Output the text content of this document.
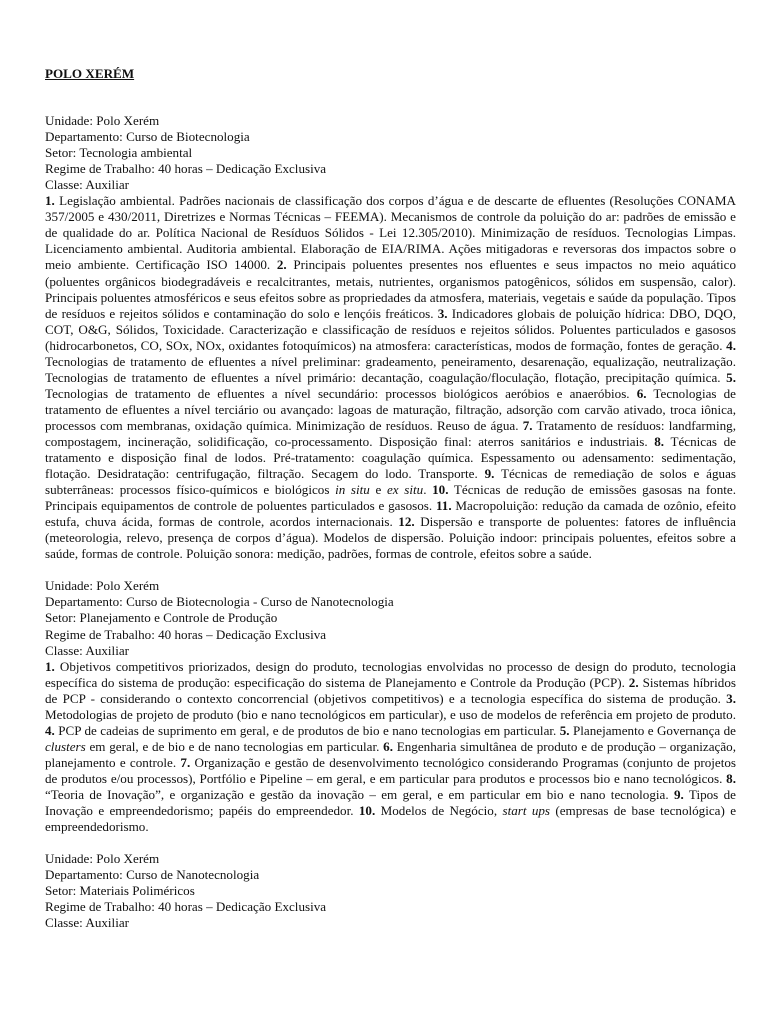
POLO XERÉM
Unidade: Polo Xerém
Departamento: Curso de Biotecnologia
Setor: Tecnologia ambiental
Regime de Trabalho: 40 horas – Dedicação Exclusiva
Classe: Auxiliar

1. Legislação ambiental. Padrões nacionais de classificação dos corpos d’água e de descarte de efluentes (Resoluções CONAMA 357/2005 e 430/2011, Diretrizes e Normas Técnicas – FEEMA). Mecanismos de controle da poluição do ar: padrões de emissão e de qualidade do ar. Política Nacional de Resíduos Sólidos - Lei 12.305/2010). Minimização de resíduos. Tecnologias Limpas. Licenciamento ambiental. Auditoria ambiental. Elaboração de EIA/RIMA. Ações mitigadoras e reversoras dos impactos sobre o meio ambiente. Certificação ISO 14000. 2. Principais poluentes presentes nos efluentes e seus impactos no meio aquático (poluentes orgânicos biodegradáveis e recalcitrantes, metais, nutrientes, organismos patogênicos, sólidos em suspensão, calor). Principais poluentes atmosféricos e seus efeitos sobre as propriedades da atmosfera, materiais, vegetais e saúde da população. Tipos de resíduos e rejeitos sólidos e contaminação do solo e lençóis freáticos. 3. Indicadores globais de poluição hídrica: DBO, DQO, COT, O&G, Sólidos, Toxicidade. Caracterização e classificação de resíduos e rejeitos sólidos. Poluentes particulados e gasosos (hidrocarbonetos, CO, SOx, NOx, oxidantes fotoquímicos) na atmosfera: características, modos de formação, fontes de geração. 4. Tecnologias de tratamento de efluentes a nível preliminar: gradeamento, peneiramento, desarenação, equalização, neutralização. Tecnologias de tratamento de efluentes a nível primário: decantação, coagulação/floculação, flotação, precipitação química. 5. Tecnologias de tratamento de efluentes a nível secundário: processos biológicos aeróbios e anaeróbios. 6. Tecnologias de tratamento de efluentes a nível terciário ou avançado: lagoas de maturação, filtração, adsorção com carvão ativado, troca iônica, processos com membranas, oxidação química. Minimização de resíduos. Reuso de água. 7. Tratamento de resíduos: landfarming, compostagem, incineração, solidificação, co-processamento. Disposição final: aterros sanitários e industriais. 8. Técnicas de tratamento e disposição final de lodos. Pré-tratamento: coagulação química. Espessamento ou adensamento: sedimentação, flotação. Desidratação: centrifugação, filtração. Secagem do lodo. Transporte. 9. Técnicas de remediação de solos e águas subterrâneas: processos físico-químicos e biológicos in situ e ex situ. 10. Técnicas de redução de emissões gasosas na fonte. Principais equipamentos de controle de poluentes particulados e gasosos. 11. Macropoluição: redução da camada de ozônio, efeito estufa, chuva ácida, formas de controle, acordos internacionais. 12. Dispersão e transporte de poluentes: fatores de influência (meteorologia, relevo, presença de corpos d’água). Modelos de dispersão. Poluição indoor: principais poluentes, efeitos sobre a saúde, formas de controle. Poluição sonora: medição, padrões, formas de controle, efeitos sobre a saúde.

Unidade: Polo Xerém
Departamento: Curso de Biotecnologia - Curso de Nanotecnologia
Setor: Planejamento e Controle de Produção
Regime de Trabalho: 40 horas – Dedicação Exclusiva
Classe: Auxiliar

1. Objetivos competitivos priorizados, design do produto, tecnologias envolvidas no processo de design do produto, tecnologia específica do sistema de produção: especificação do sistema de Planejamento e Controle da Produção (PCP). 2. Sistemas híbridos de PCP - considerando o contexto concorrencial (objetivos competitivos) e a tecnologia específica do sistema de produção. 3. Metodologias de projeto de produto (bio e nano tecnológicos em particular), e uso de modelos de referência em projeto de produto. 4. PCP de cadeias de suprimento em geral, e de produtos de bio e nano tecnologias em particular. 5. Planejamento e Governança de clusters em geral, e de bio e de nano tecnologias em particular. 6. Engenharia simultânea de produto e de produção – organização, planejamento e controle. 7. Organização e gestão de desenvolvimento tecnológico considerando Programas (conjunto de projetos de produtos e/ou processos), Portfólio e Pipeline – em geral, e em particular para produtos e processos bio e nano tecnológicos. 8. “Teoria de Inovação”, e organização e gestão da inovação – em geral, e em particular em bio e nano tecnologia. 9. Tipos de Inovação e empreendedorismo; papéis do empreendedor. 10. Modelos de Negócio, start ups (empresas de base tecnológica) e empreendedorismo.

Unidade: Polo Xerém
Departamento: Curso de Nanotecnologia
Setor: Materiais Poliméricos
Regime de Trabalho: 40 horas – Dedicação Exclusiva
Classe: Auxiliar
